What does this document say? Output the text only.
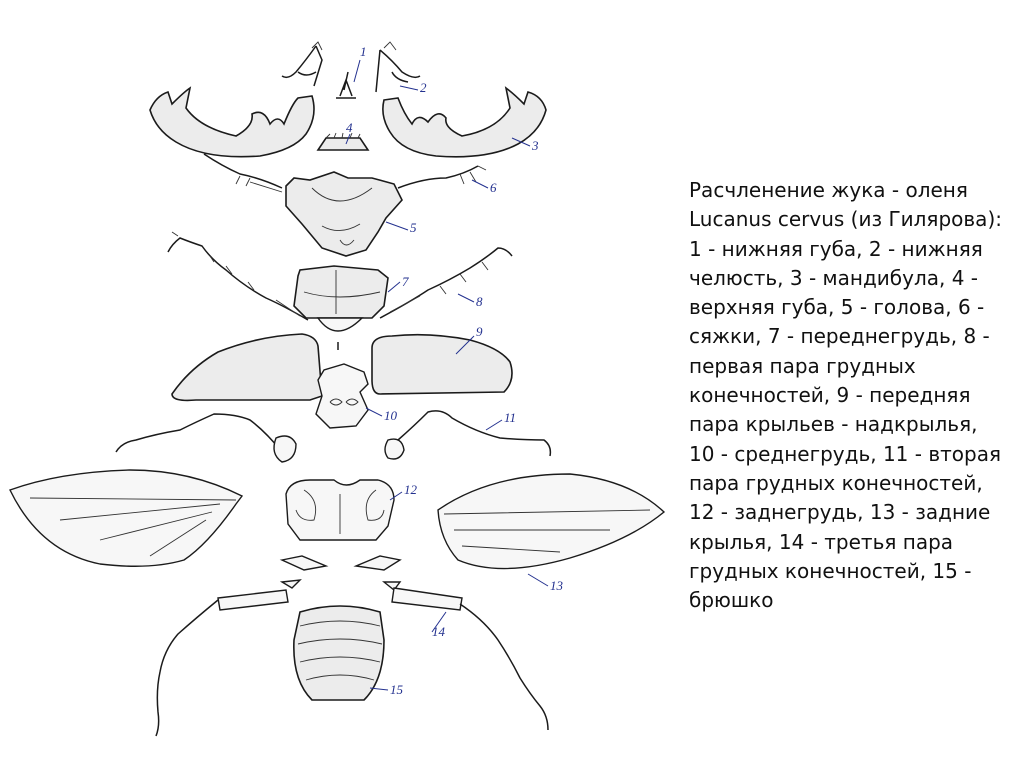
1
2
3
4
5
6
7
8
9
10	11
12
13
14
15
Расчленение жука - оленя
Lucanus cervus (из Гилярова):
1 - нижняя губа, 2 - нижняя
челюсть, 3 - мандибула, 4 -
верхняя губа, 5 - голова, 6 -
сяжки, 7 - переднегрудь, 8 -
первая пара грудных
конечностей, 9 - передняя
пара крыльев - надкрылья,
10 - среднегрудь, 11 - вторая
пара грудных конечностей,
12 - заднегрудь, 13 - задние
крылья, 14 - третья пара
грудных конечностей, 15 -
брюшко
